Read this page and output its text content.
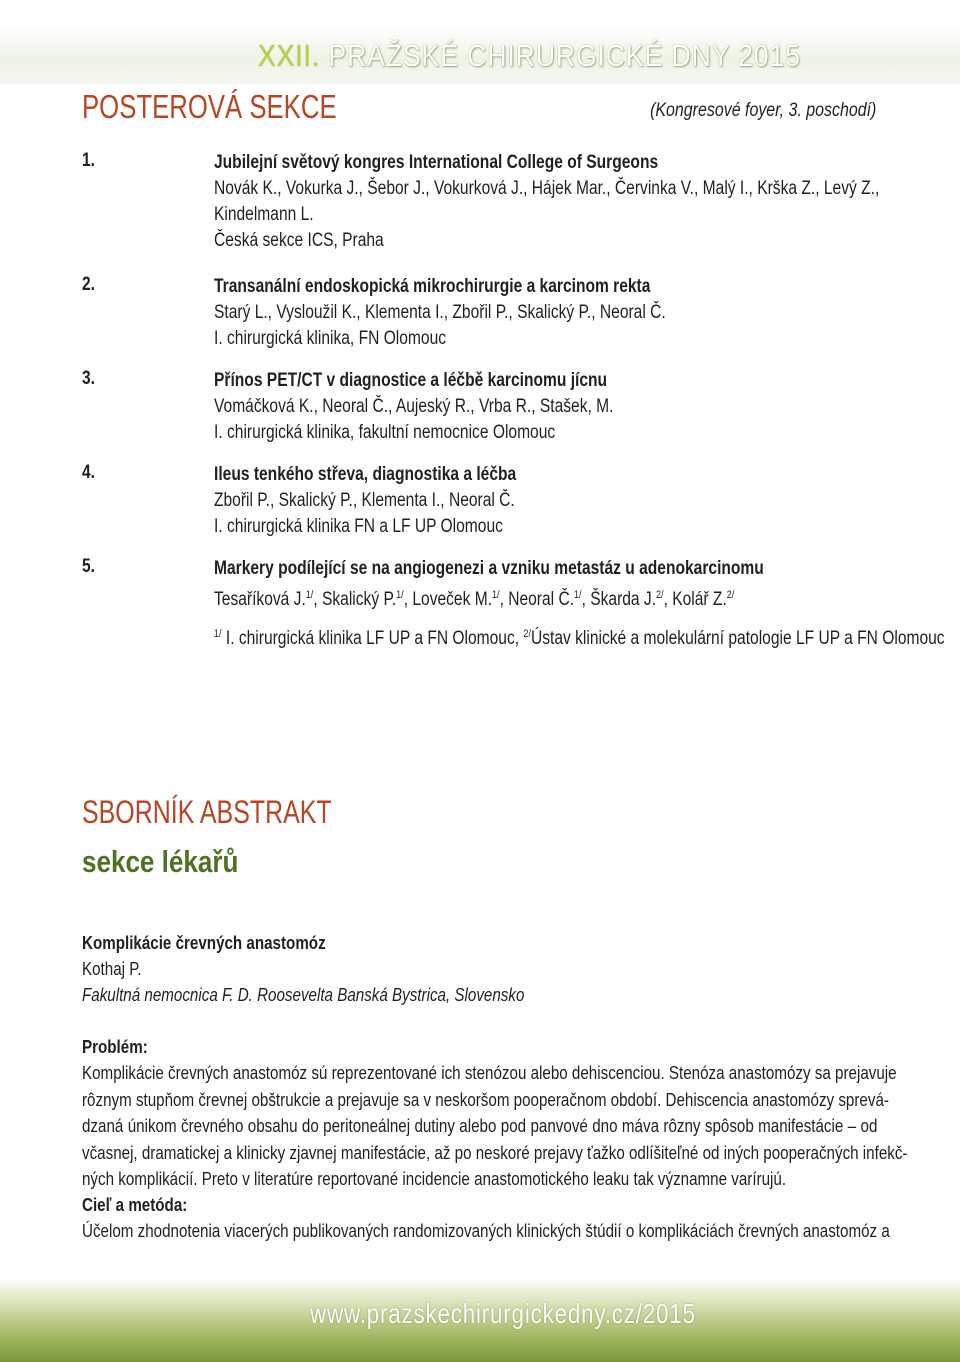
XXII. PRAŽSKÉ CHIRURGICKÉ DNY 2015
POSTEROVÁ SEKCE	(Kongresové foyer, 3. poschodí)

1.	Jubilejní světový kongres International College of Surgeons
Novák K., Vokurka J., Šebor J., Vokurková J., Hájek Mar., Červinka V., Malý I., Krška Z., Levý Z.,
Kindelmann L.
Česká sekce ICS, Praha
2.	Transanální endoskopická mikrochirurgie a karcinom rekta
Starý L., Vysloužil K., Klementa I., Zbořil P., Skalický P., Neoral Č.
I. chirurgická klinika, FN Olomouc
3.	Přínos PET/CT v diagnostice a léčbě karcinomu jícnu
Vomáčková K., Neoral Č., Aujeský R., Vrba R., Stašek, M.
I. chirurgická klinika, fakultní nemocnice Olomouc
4.	Ileus tenkého střeva, diagnostika a léčba
Zbořil P., Skalický P., Klementa I., Neoral Č.
I. chirurgická klinika FN a LF UP Olomouc
5.	Markery podílející se na angiogenezi a vzniku metastáz u adenokarcinomu
Tesaříková J.$^{1/}$, Skalický P.$^{1/}$, Loveček M.$^{1/}$, Neoral Č.$^{1/}$, Škarda J.$^{2/}$, Kolář Z.$^{2/}$
$^{1/}$ I. chirurgická klinika LF UP a FN Olomouc, $^{2/}$Ústav klinické a molekulární patologie LF UP a FN Olomouc
SBORNÍK ABSTRAKT
sekce lékařů
Komplikácie črevných anastomóz
Kothaj P.
Fakultná nemocnica F. D. Roosevelta Banská Bystrica, Slovensko
Problém:
Komplikácie črevných anastomóz sú reprezentované ich stenózou alebo dehiscenciou. Stenóza anastomózy sa prejavuje
rôznym stupňom črevnej obštrukcie a prejavuje sa v neskoršom pooperačnom období. Dehiscencia anastomózy sprevá-
dzaná únikom črevného obsahu do peritoneálnej dutiny alebo pod panvové dno máva rôzny spôsob manifestácie – od
včasnej, dramatickej a klinicky zjavnej manifestácie, až po neskoré prejavy ťažko odlíšiteľné od iných pooperačných infekč-
ných komplikácií. Preto v literatúre reportované incidencie anastomotického leaku tak významne varírujú.
Cieľ a metóda:
Účelom zhodnotenia viacerých publikovaných randomizovaných klinických štúdií o komplikáciách črevných anastomóz a

www.prazskechirurgickedny.cz/2015
